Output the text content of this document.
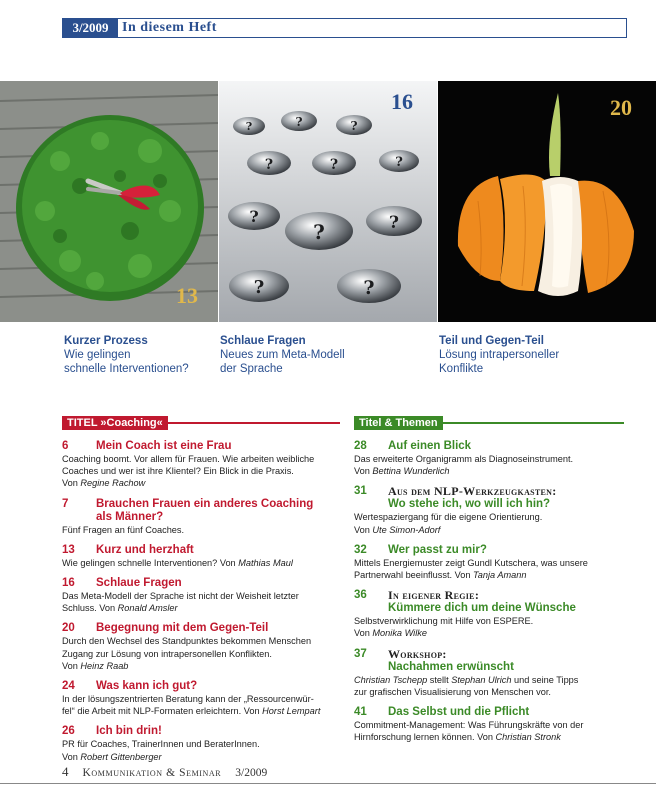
3/2009 In diesem Heft
13
?	?	?
?	?	?
?
?	?
?	?
16	20
Kurzer Prozess
Wie gelingen
schnelle Interventionen?
Schlaue Fragen
Neues zum Meta-Modell
der Sprache
Teil und Gegen-Teil
Lösung intrapersoneller
Konflikte
TITEL »Coaching«	Titel & Themen
6 Mein Coach ist eine Frau
Coaching boomt. Vor allem für Frauen. Wie arbeiten weibliche
Coaches und wer ist ihre Klientel? Ein Blick in die Praxis.
Von Regine Rachow
7 Brauchen Frauen ein anderes Coaching
als Männer?
Fünf Fragen an fünf Coaches.
13 Kurz und herzhaft
Wie gelingen schnelle Interventionen? Von Mathias Maul
16 Schlaue Fragen
Das Meta-Modell der Sprache ist nicht der Weisheit letzter
Schluss. Von Ronald Amsler
20 Begegnung mit dem Gegen-Teil
Durch den Wechsel des Standpunktes bekommen Menschen
Zugang zur Lösung von intrapersonellen Konflikten.
Von Heinz Raab
24 Was kann ich gut?
In der lösungszentrierten Beratung kann der „Ressourcenwür-
fel“ die Arbeit mit NLP-Formaten erleichtern. Von Horst Lempart
26 Ich bin drin!
PR für Coaches, TrainerInnen und BeraterInnen.
Von Robert Gittenberger
28 Auf einen Blick
Das erweiterte Organigramm als Diagnoseinstrument.
Von Bettina Wunderlich
31 Aus dem NLP-Werkzeugkasten:
Wo stehe ich, wo will ich hin?
Wertespaziergang für die eigene Orientierung.
Von Ute Simon-Adorf
32 Wer passt zu mir?
Mittels Energiemuster zeigt Gundl Kutschera, was unsere
Partnerwahl beeinflusst. Von Tanja Amann
36 In eigener Regie:
Kümmere dich um deine Wünsche
Selbstverwirklichung mit Hilfe von ESPERE.
Von Monika Wilke
37 Workshop:
Nachahmen erwünscht
Christian Tschepp stellt Stephan Ulrich und seine Tipps
zur grafischen Visualisierung von Menschen vor.
41 Das Selbst und die Pflicht
Commitment-Management: Was Führungskräfte von der
Hirnforschung lernen können. Von Christian Stronk
4 Kommunikation & Seminar 3/2009
